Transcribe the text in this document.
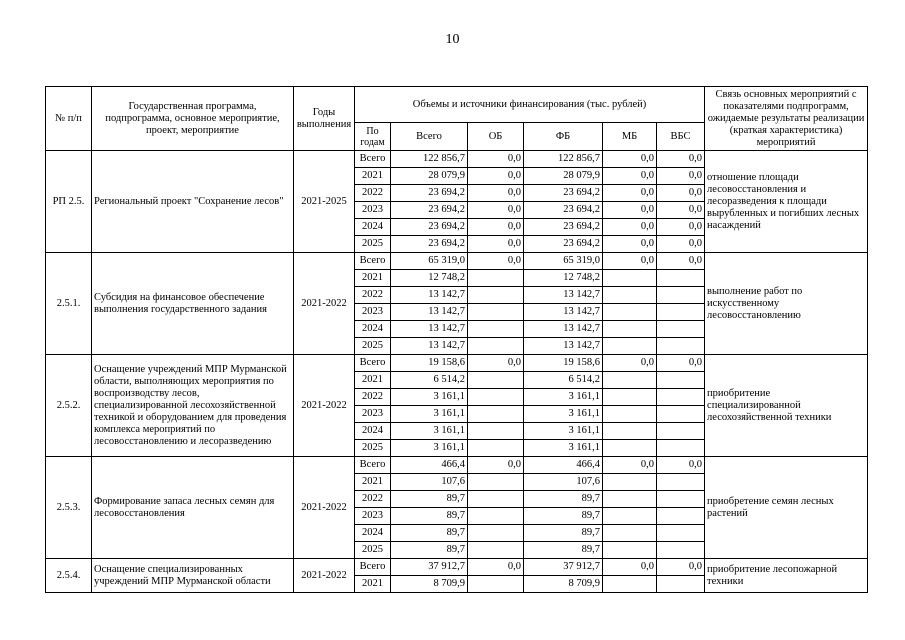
10
№ п/п	Государственная программа, подпрограмма, основное мероприятие, проект, мероприятие	Годы выполнения	Объемы и источники финансирования (тыс. рублей)						Связь основных мероприятий с показателями подпрограмм, ожидаемые результаты реализации (краткая характеристика) мероприятий
			По годам	Всего	ОБ	ФБ	МБ	ВБС	
РП 2.5.	Региональный проект "Сохранение лесов"	2021-2025	Всего	122 856,7	0,0	122 856,7	0,0	0,0	отношение площади лесовосстановления и лесоразведения к площади вырубленных и погибших лесных насаждений
			2021	28 079,9	0,0	28 079,9	0,0	0,0	
			2022	23 694,2	0,0	23 694,2	0,0	0,0	
			2023	23 694,2	0,0	23 694,2	0,0	0,0	
			2024	23 694,2	0,0	23 694,2	0,0	0,0	
			2025	23 694,2	0,0	23 694,2	0,0	0,0	
2.5.1.	Субсидия на финансовое обеспечение выполнения государственного задания	2021-2022	Всего	65 319,0	0,0	65 319,0	0,0	0,0	выполнение работ по искусственному лесовосстановлению
			2021	12 748,2		12 748,2			
			2022	13 142,7		13 142,7			
			2023	13 142,7		13 142,7			
			2024	13 142,7		13 142,7			
			2025	13 142,7		13 142,7			
2.5.2.	Оснащение учреждений МПР Мурманской области, выполняющих мероприятия по воспроизводству лесов, специализированной лесохозяйственной техникой и оборудованием для проведения комплекса мероприятий по лесовосстановлению и лесоразведению	2021-2022	Всего	19 158,6	0,0	19 158,6	0,0	0,0	приобритение специализированной лесохозяйственной техники
			2021	6 514,2		6 514,2			
			2022	3 161,1		3 161,1			
			2023	3 161,1		3 161,1			
			2024	3 161,1		3 161,1			
			2025	3 161,1		3 161,1			
2.5.3.	Формирование запаса лесных семян для лесовосстановления	2021-2022	Всего	466,4	0,0	466,4	0,0	0,0	приобретение семян лесных растений
			2021	107,6		107,6			
			2022	89,7		89,7			
			2023	89,7		89,7			
			2024	89,7		89,7			
			2025	89,7		89,7			
2.5.4.	Оснащение специализированных учреждений МПР Мурманской области	2021-2022	Всего	37 912,7	0,0	37 912,7	0,0	0,0	приобритение лесопожарной техники
			2021	8 709,9		8 709,9			
